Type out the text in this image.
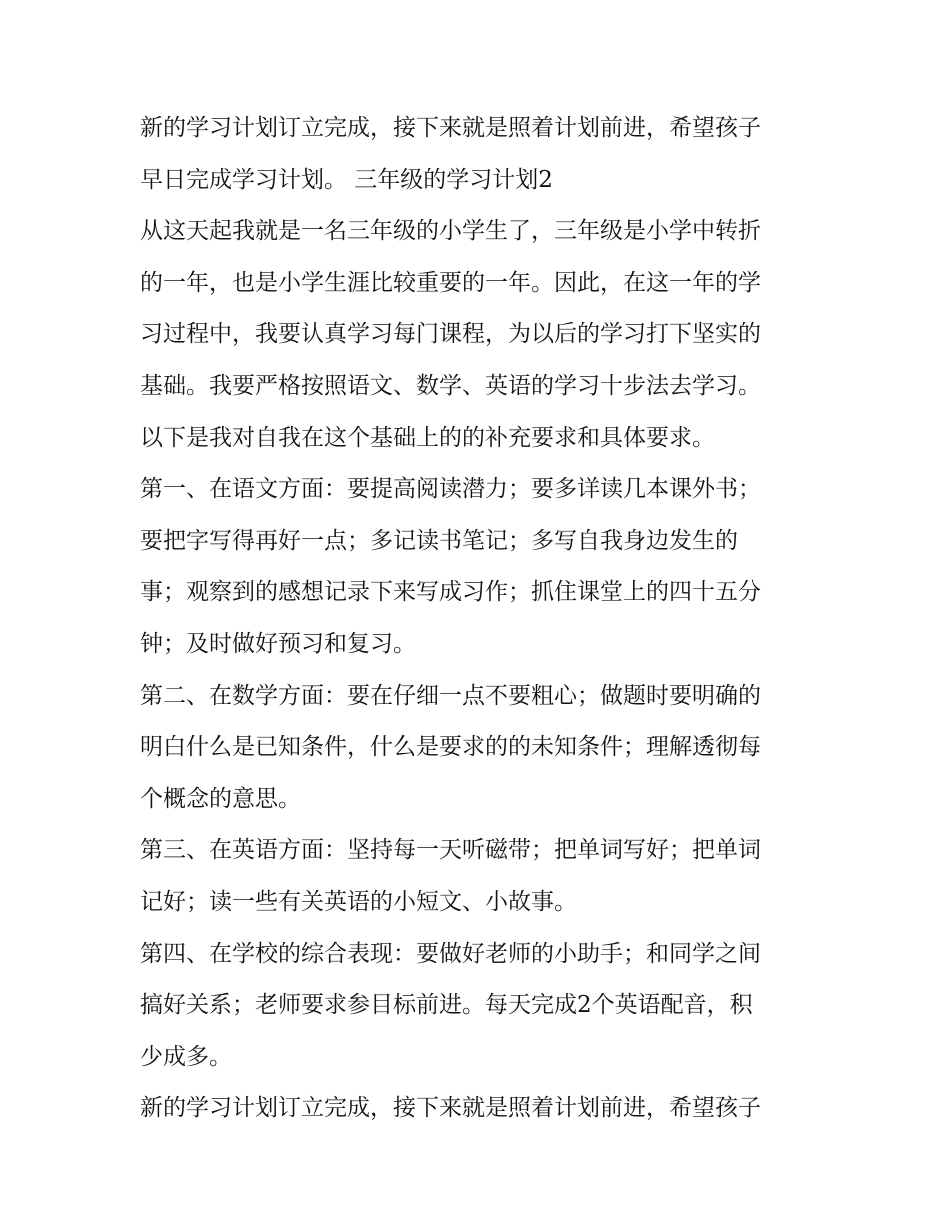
新的学习计划订立完成，接下来就是照着计划前进，希望孩子
早日完成学习计划。 三年级的学习计划2
从这天起我就是一名三年级的小学生了，三年级是小学中转折
的一年，也是小学生涯比较重要的一年。因此，在这一年的学
习过程中，我要认真学习每门课程，为以后的学习打下坚实的
基础。我要严格按照语文、数学、英语的学习十步法去学习。
以下是我对自我在这个基础上的的补充要求和具体要求。
第一、在语文方面：要提高阅读潜力；要多详读几本课外书；
要把字写得再好一点；多记读书笔记；多写自我身边发生的
事；观察到的感想记录下来写成习作；抓住课堂上的四十五分
钟；及时做好预习和复习。
第二、在数学方面：要在仔细一点不要粗心；做题时要明确的
明白什么是已知条件，什么是要求的的未知条件；理解透彻每
个概念的意思。
第三、在英语方面：坚持每一天听磁带；把单词写好；把单词
记好；读一些有关英语的小短文、小故事。
第四、在学校的综合表现：要做好老师的小助手；和同学之间
搞好关系；老师要求参目标前进。每天完成2个英语配音，积
少成多。
新的学习计划订立完成，接下来就是照着计划前进，希望孩子
